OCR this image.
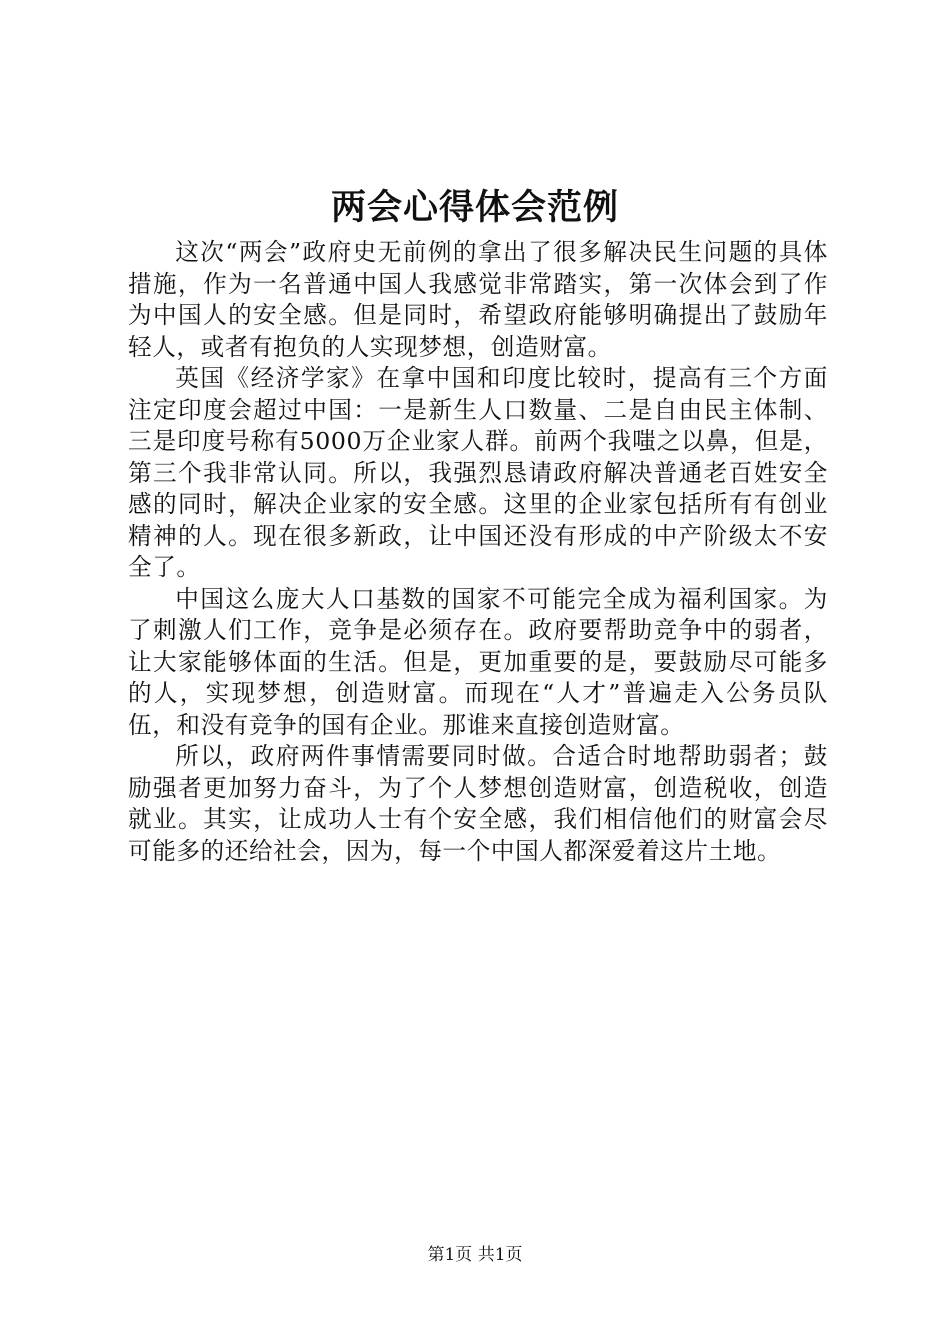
两会心得体会范例

这次“两会”政府史无前例的拿出了很多解决民生问题的具体措施，作为一名普通中国人我感觉非常踏实，第一次体会到了作为中国人的安全感。但是同时，希望政府能够明确提出了鼓励年轻人，或者有抱负的人实现梦想，创造财富。

英国《经济学家》在拿中国和印度比较时，提高有三个方面注定印度会超过中国：一是新生人口数量、二是自由民主体制、三是印度号称有5000万企业家人群。前两个我嗤之以鼻，但是，第三个我非常认同。所以，我强烈恳请政府解决普通老百姓安全感的同时，解决企业家的安全感。这里的企业家包括所有有创业精神的人。现在很多新政，让中国还没有形成的中产阶级太不安全了。

中国这么庞大人口基数的国家不可能完全成为福利国家。为了刺激人们工作，竞争是必须存在。政府要帮助竞争中的弱者，让大家能够体面的生活。但是，更加重要的是，要鼓励尽可能多的人，实现梦想，创造财富。而现在“人才”普遍走入公务员队伍，和没有竞争的国有企业。那谁来直接创造财富。

所以，政府两件事情需要同时做。合适合时地帮助弱者；鼓励强者更加努力奋斗，为了个人梦想创造财富，创造税收，创造就业。其实，让成功人士有个安全感，我们相信他们的财富会尽可能多的还给社会，因为，每一个中国人都深爱着这片土地。

第1页 共1页
